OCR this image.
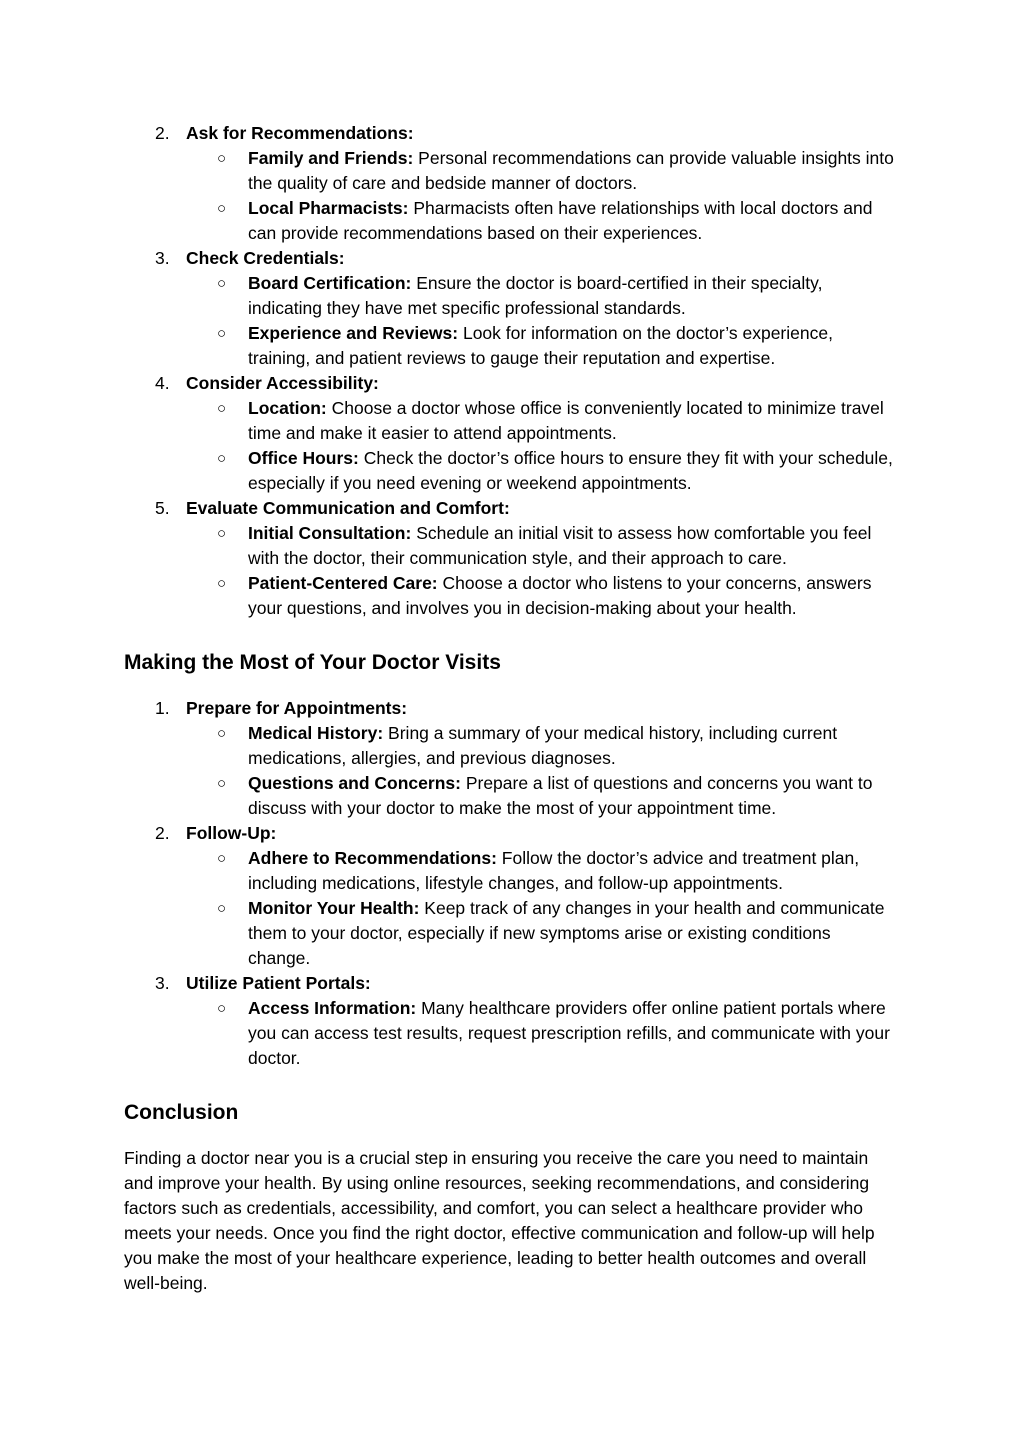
2. Ask for Recommendations:
○ Family and Friends: Personal recommendations can provide valuable insights into the quality of care and bedside manner of doctors.
○ Local Pharmacists: Pharmacists often have relationships with local doctors and can provide recommendations based on their experiences.
3. Check Credentials:
○ Board Certification: Ensure the doctor is board-certified in their specialty, indicating they have met specific professional standards.
○ Experience and Reviews: Look for information on the doctor’s experience, training, and patient reviews to gauge their reputation and expertise.
4. Consider Accessibility:
○ Location: Choose a doctor whose office is conveniently located to minimize travel time and make it easier to attend appointments.
○ Office Hours: Check the doctor’s office hours to ensure they fit with your schedule, especially if you need evening or weekend appointments.
5. Evaluate Communication and Comfort:
○ Initial Consultation: Schedule an initial visit to assess how comfortable you feel with the doctor, their communication style, and their approach to care.
○ Patient-Centered Care: Choose a doctor who listens to your concerns, answers your questions, and involves you in decision-making about your health.
Making the Most of Your Doctor Visits
1. Prepare for Appointments:
○ Medical History: Bring a summary of your medical history, including current medications, allergies, and previous diagnoses.
○ Questions and Concerns: Prepare a list of questions and concerns you want to discuss with your doctor to make the most of your appointment time.
2. Follow-Up:
○ Adhere to Recommendations: Follow the doctor’s advice and treatment plan, including medications, lifestyle changes, and follow-up appointments.
○ Monitor Your Health: Keep track of any changes in your health and communicate them to your doctor, especially if new symptoms arise or existing conditions change.
3. Utilize Patient Portals:
○ Access Information: Many healthcare providers offer online patient portals where you can access test results, request prescription refills, and communicate with your doctor.
Conclusion

Finding a doctor near you is a crucial step in ensuring you receive the care you need to maintain and improve your health. By using online resources, seeking recommendations, and considering factors such as credentials, accessibility, and comfort, you can select a healthcare provider who meets your needs. Once you find the right doctor, effective communication and follow-up will help you make the most of your healthcare experience, leading to better health outcomes and overall well-being.
